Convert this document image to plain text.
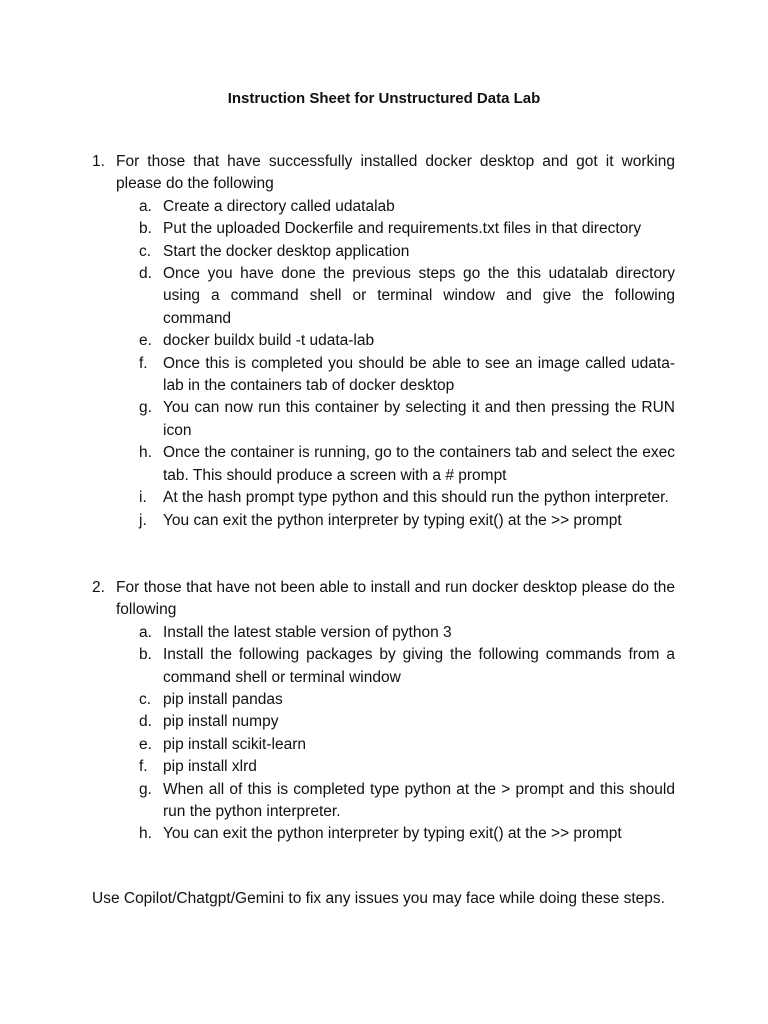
Instruction Sheet for Unstructured Data Lab
1. For those that have successfully installed docker desktop and got it working please do the following
a. Create a directory called udatalab
b. Put the uploaded Dockerfile and requirements.txt files in that directory
c. Start the docker desktop application
d. Once you have done the previous steps go the this udatalab directory using a command shell or terminal window and give the following command
e. docker buildx build -t udata-lab
f. Once this is completed you should be able to see an image called udata-lab in the containers tab of docker desktop
g. You can now run this container by selecting it and then pressing the RUN icon
h. Once the container is running, go to the containers tab and select the exec tab. This should produce a screen with a # prompt
i. At the hash prompt type python and this should run the python interpreter.
j. You can exit the python interpreter by typing exit() at the >> prompt
2. For those that have not been able to install and run docker desktop please do the following
a. Install the latest stable version of python 3
b. Install the following packages by giving the following commands from a command shell or terminal window
c. pip install pandas
d. pip install numpy
e. pip install scikit-learn
f. pip install xlrd
g. When all of this is completed type python at the > prompt and this should run the python interpreter.
h. You can exit the python interpreter by typing exit() at the >> prompt
Use Copilot/Chatgpt/Gemini to fix any issues you may face while doing these steps.
